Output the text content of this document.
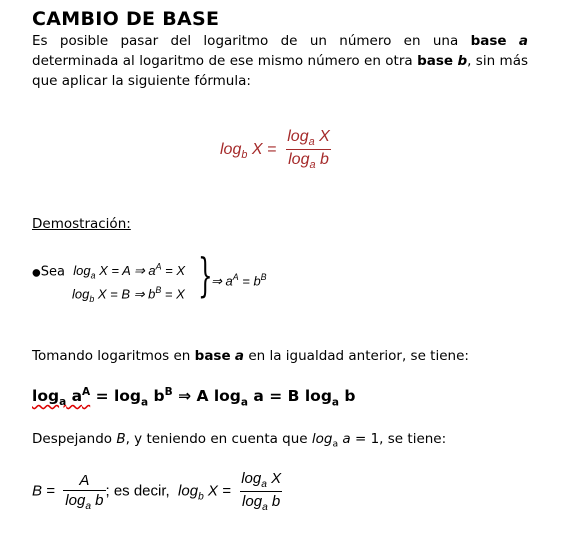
CAMBIO DE BASE
Es posible pasar del logaritmo de un número en una base a determinada al logaritmo de ese mismo número en otra base b, sin más que aplicar la siguiente fórmula:
$\log_b X = \frac{\log_a X}{\log_a b}$
Demostración:
●Sea $\log_a X = A$ ⇒ $a^A = X$
$\log_b X = B$ ⇒ $b^B = X$ }
⇒ $a^A = b^B$
Tomando logaritmos en base a en la igualdad anterior, se tiene:
$\log_a a^A = \log_a b^B$ ⇒ A $\log_a a = B$ $\log_a b$
Despejando B, y teniendo en cuenta que $\log_a a = 1$, se tiene:
$B = \frac{A}{\log_a b}$ ; es decir,  $\log_b X = \frac{\log_a X}{\log_a b}$
